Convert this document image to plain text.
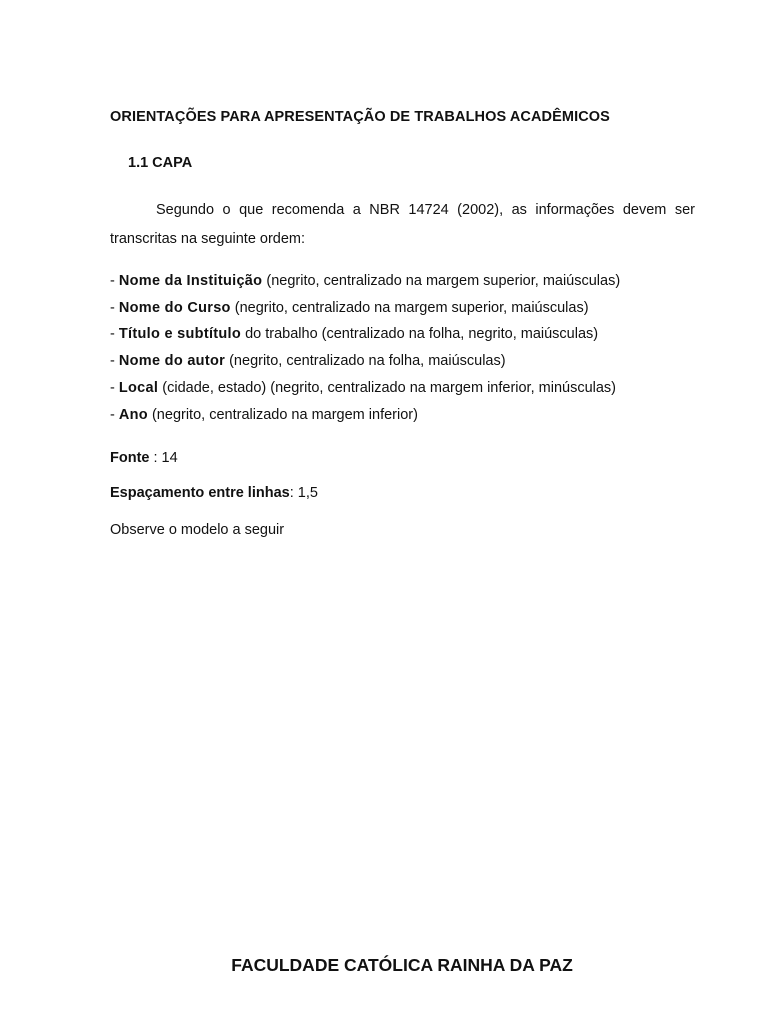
ORIENTAÇÕES PARA APRESENTAÇÃO DE TRABALHOS ACADÊMICOS
1.1 CAPA
Segundo o que recomenda a NBR 14724 (2002), as informações devem ser transcritas na seguinte ordem:
- Nome da Instituição (negrito, centralizado na margem superior, maiúsculas)
- Nome do Curso (negrito, centralizado na margem superior, maiúsculas)
- Título e subtítulo do trabalho (centralizado na folha, negrito, maiúsculas)
- Nome do autor (negrito, centralizado na folha, maiúsculas)
- Local (cidade, estado) (negrito, centralizado na margem inferior, minúsculas)
- Ano (negrito, centralizado na margem inferior)
Fonte : 14
Espaçamento entre linhas: 1,5
Observe o modelo a seguir
FACULDADE CATÓLICA RAINHA DA PAZ
